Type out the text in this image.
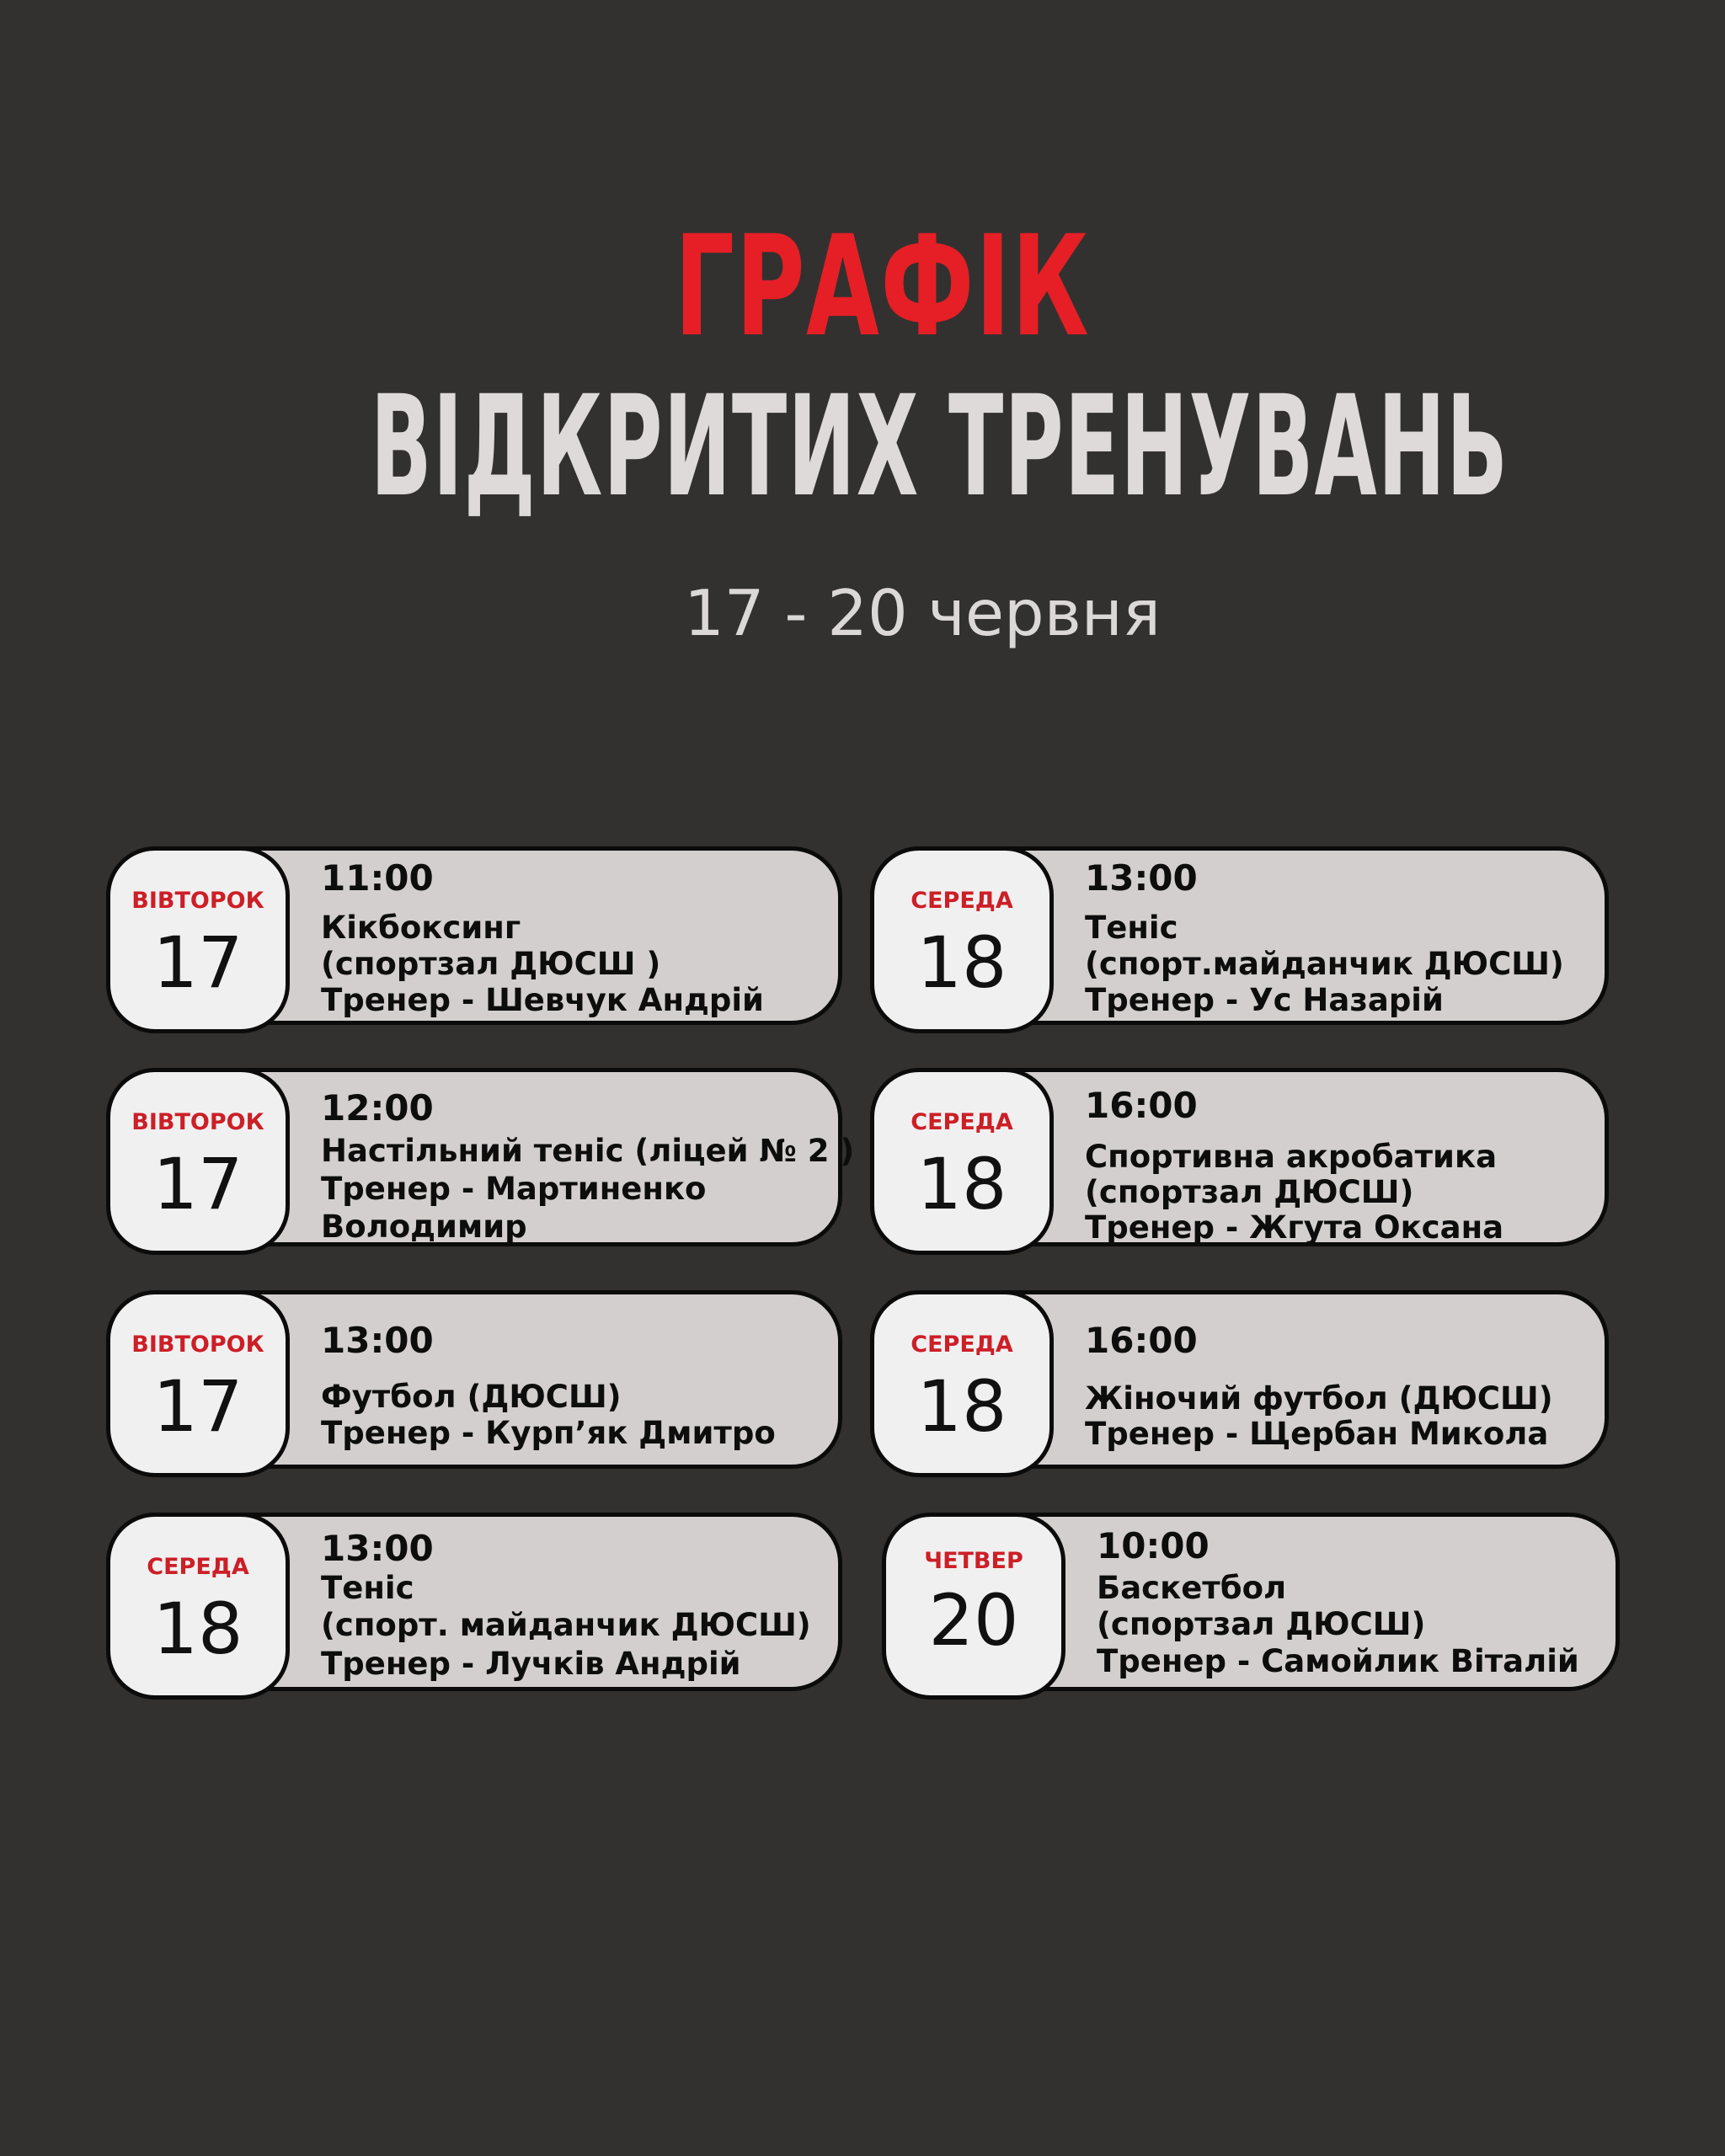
ГРАФІК
ВІДКРИТИХ ТРЕНУВАНЬ
17 - 20 червня
ВІВТОРОК
17
11:00
Кікбоксинг
(спортзал ДЮСШ )
Тренер - Шевчук Андрій
СЕРЕДА
18
13:00
Теніс
(спорт.майданчик ДЮСШ)
Тренер - Ус Назарій
ВІВТОРОК
17
12:00
Настільний теніс (ліцей № 2 )
Тренер - Мартиненко
Володимир
СЕРЕДА
18
16:00
Спортивна акробатика
(спортзал ДЮСШ)
Тренер - Жгута Оксана
ВІВТОРОК
17
13:00
Футбол (ДЮСШ)
Тренер - Курп’як Дмитро
СЕРЕДА
18
16:00
Жіночий футбол (ДЮСШ)
Тренер - Щербан Микола
СЕРЕДА
18
13:00
Теніс
(спорт. майданчик ДЮСШ)
Тренер - Лучків Андрій
ЧЕТВЕР
20
10:00
Баскетбол
(спортзал ДЮСШ)
Тренер - Самойлик Віталій
